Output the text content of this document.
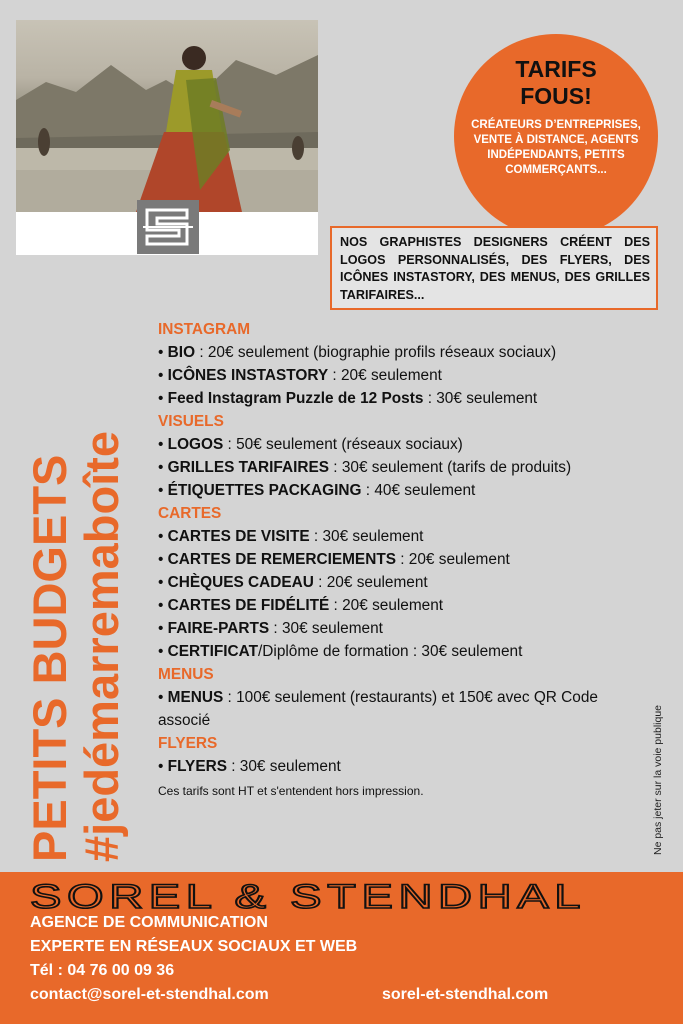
TARIFS FOUS!
CRÉATEURS D’ENTREPRISES, VENTE À DISTANCE, AGENTS INDÉPENDANTS, PETITS COMMERÇANTS...
NOS GRAPHISTES DESIGNERS CRÉENT DES LOGOS PERSONNALISÉS, DES FLYERS, DES ICÔNES INSTASTORY, DES MENUS, DES GRILLES TARIFAIRES...
PETITS BUDGETS #jedémarremaboîte	Ne pas jeter sur la voie publique
INSTAGRAM
• BIO : 20€ seulement (biographie profils réseaux sociaux)
• ICÔNES INSTASTORY : 20€ seulement
• Feed Instagram Puzzle de 12 Posts : 30€ seulement
VISUELS
• LOGOS : 50€ seulement (réseaux sociaux)
• GRILLES TARIFAIRES : 30€ seulement (tarifs de produits)
• ÉTIQUETTES PACKAGING : 40€ seulement
CARTES
• CARTES DE VISITE : 30€ seulement
• CARTES DE REMERCIEMENTS : 20€ seulement
• CHÈQUES CADEAU : 20€ seulement
• CARTES DE FIDÉLITÉ : 20€ seulement
• FAIRE-PARTS : 30€ seulement
• CERTIFICAT/Diplôme de formation : 30€ seulement
MENUS
• MENUS : 100€ seulement (restaurants) et 150€ avec QR Code associé
FLYERS
• FLYERS : 30€ seulement
Ces tarifs sont HT et s'entendent hors impression.
SOREL & STENDHAL
AGENCE DE COMMUNICATION
EXPERTE EN RÉSEAUX SOCIAUX ET WEB
Tél : 04 76 00 09 36
contact@sorel-et-stendhal.com	sorel-et-stendhal.com
